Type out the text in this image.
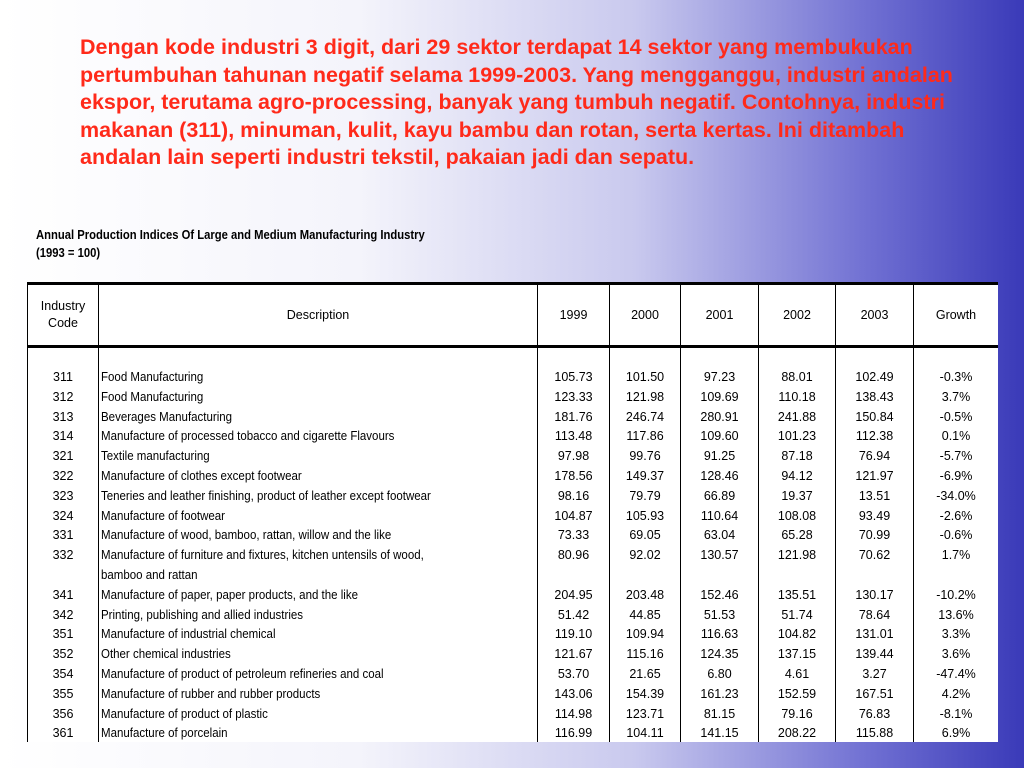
Dengan kode industri 3 digit, dari 29 sektor terdapat 14 sektor yang membukukan pertumbuhan tahunan negatif selama 1999-2003. Yang mengganggu, industri andalan ekspor, terutama agro-processing, banyak yang tumbuh negatif. Contohnya, industri makanan (311), minuman, kulit, kayu bambu dan rotan, serta kertas. Ini ditambah andalan lain seperti industri tekstil, pakaian jadi dan sepatu.

Annual Production Indices Of Large and Medium Manufacturing Industry
(1993 = 100)
Industry Code	Description	1999	2000	2001	2002	2003	Growth

311	Food Manufacturing	105.73	101.50	97.23	88.01	102.49	-0.3%
312	Food Manufacturing	123.33	121.98	109.69	110.18	138.43	3.7%
313	Beverages Manufacturing	181.76	246.74	280.91	241.88	150.84	-0.5%
314	Manufacture of processed tobacco and cigarette Flavours	113.48	117.86	109.60	101.23	112.38	0.1%
321	Textile manufacturing	97.98	99.76	91.25	87.18	76.94	-5.7%
322	Manufacture of clothes except footwear	178.56	149.37	128.46	94.12	121.97	-6.9%
323	Teneries and leather finishing, product of leather except footwear	98.16	79.79	66.89	19.37	13.51	-34.0%
324	Manufacture of footwear	104.87	105.93	110.64	108.08	93.49	-2.6%
331	Manufacture of wood, bamboo, rattan, willow and the like	73.33	69.05	63.04	65.28	70.99	-0.6%
332	Manufacture of furniture and fixtures, kitchen untensils of wood,	80.96	92.02	130.57	121.98	70.62	1.7%
	bamboo and rattan						
341	Manufacture of paper, paper products, and the like	204.95	203.48	152.46	135.51	130.17	-10.2%
342	Printing, publishing and allied industries	51.42	44.85	51.53	51.74	78.64	13.6%
351	Manufacture of industrial chemical	119.10	109.94	116.63	104.82	131.01	3.3%
352	Other chemical industries	121.67	115.16	124.35	137.15	139.44	3.6%
354	Manufacture of product of petroleum refineries and coal	53.70	21.65	6.80	4.61	3.27	-47.4%
355	Manufacture of rubber and rubber products	143.06	154.39	161.23	152.59	167.51	4.2%
356	Manufacture of product of plastic	114.98	123.71	81.15	79.16	76.83	-8.1%
361	Manufacture of porcelain	116.99	104.11	141.15	208.22	115.88	6.9%
